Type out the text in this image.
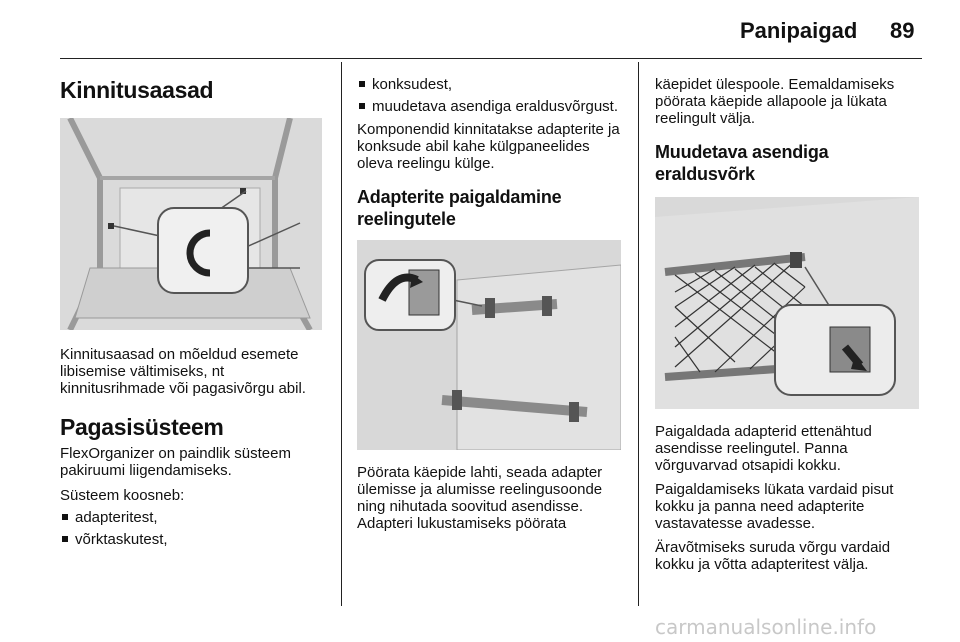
Panipaigad 89
Kinnitusaasad

Kinnitusaasad on mõeldud esemete libisemise vältimiseks, nt kinnitusrihmade või pagasivõrgu abil.

Pagasisüsteem

FlexOrganizer on paindlik süsteem pakiruumi liigendamiseks.

Süsteem koosneb:

adapteritest,
võrktaskutest,
konksudest,
muudetava asendiga eraldusvõrgust.

Komponendid kinnitatakse adapterite ja konksude abil kahe külgpaneelides oleva reelingu külge.

Adapterite paigaldamine reelingutele

Pöörata käepide lahti, seada adapter ülemisse ja alumisse reelingusoonde ning nihutada soovitud asendisse. Adapteri lukustamiseks pöörata

käepidet ülespoole. Eemaldamiseks pöörata käepide allapoole ja lükata reelingult välja.

Muudetava asendiga eraldusvõrk

Paigaldada adapterid ettenähtud asendisse reelingutel. Panna võrguvarvad otsapidi kokku.

Paigaldamiseks lükata vardaid pisut kokku ja panna need adapterite vastavatesse avadesse.

Äravõtmiseks suruda võrgu vardaid kokku ja võtta adapteritest välja.

carmanualsonline.info
